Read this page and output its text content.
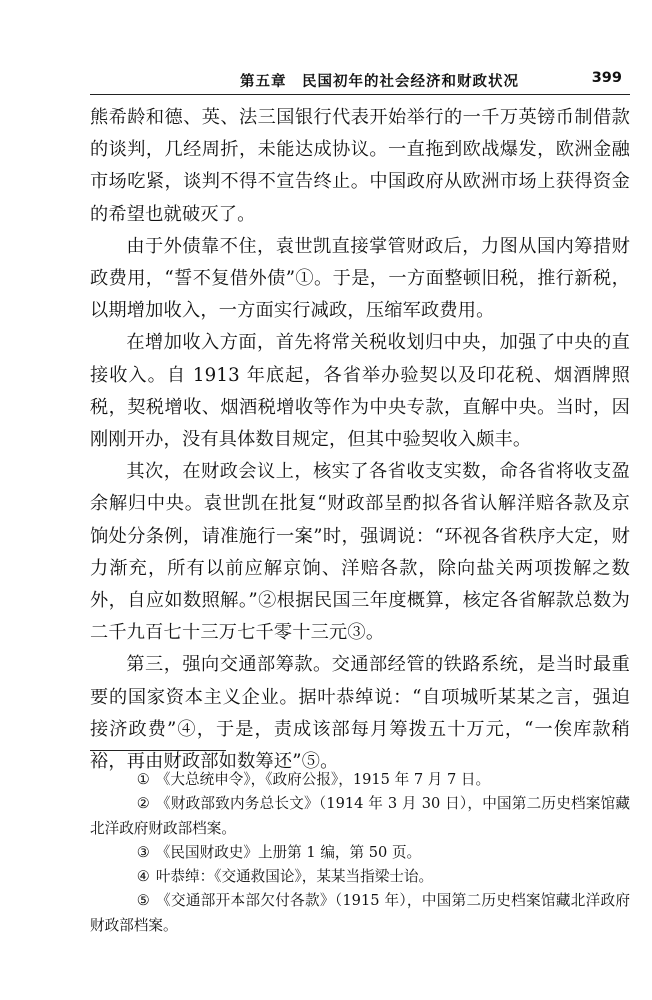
第五章　民国初年的社会经济和财政状况	399

熊希龄和德、英、法三国银行代表开始举行的一千万英镑币制借款的谈判，几经周折，未能达成协议。一直拖到欧战爆发，欧洲金融市场吃紧，谈判不得不宣告终止。中国政府从欧洲市场上获得资金的希望也就破灭了。

由于外债靠不住，袁世凯直接掌管财政后，力图从国内筹措财政费用，“誓不复借外债”①。于是，一方面整顿旧税，推行新税，以期增加收入，一方面实行减政，压缩军政费用。

在增加收入方面，首先将常关税收划归中央，加强了中央的直接收入。自 1913 年底起，各省举办验契以及印花税、烟酒牌照税，契税增收、烟酒税增收等作为中央专款，直解中央。当时，因刚刚开办，没有具体数目规定，但其中验契收入颇丰。

其次，在财政会议上，核实了各省收支实数，命各省将收支盈余解归中央。袁世凯在批复“财政部呈酌拟各省认解洋赔各款及京饷处分条例，请准施行一案”时，强调说：“环视各省秩序大定，财力渐充，所有以前应解京饷、洋赔各款，除向盐关两项拨解之数外，自应如数照解。”②根据民国三年度概算，核定各省解款总数为二千九百七十三万七千零十三元③。

第三，强向交通部筹款。交通部经管的铁路系统，是当时最重要的国家资本主义企业。据叶恭绰说：“自项城听某某之言，强迫接济政费”④，于是，责成该部每月筹拨五十万元，“一俟库款稍裕，再由财政部如数筹还”⑤。

① 《大总统申令》，《政府公报》，1915 年 7 月 7 日。

② 《财政部致内务总长文》（1914 年 3 月 30 日），中国第二历史档案馆藏北洋政府财政部档案。

③ 《民国财政史》上册第 1 编，第 50 页。

④ 叶恭绰：《交通救国论》，某某当指梁士诒。

⑤ 《交通部开本部欠付各款》（1915 年），中国第二历史档案馆藏北洋政府财政部档案。
